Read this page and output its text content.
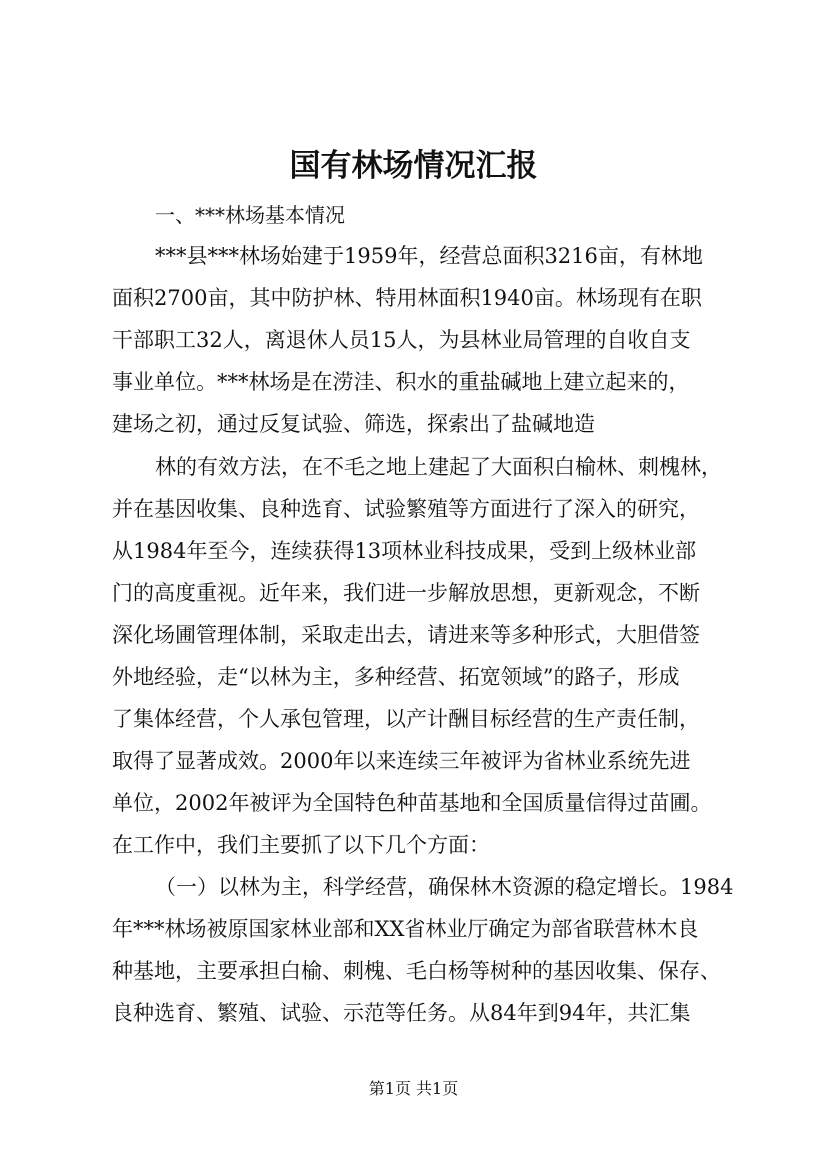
国有林场情况汇报
一、***林场基本情况
***县***林场始建于1959年，经营总面积3216亩，有林地
面积2700亩，其中防护林、特用林面积1940亩。林场现有在职
干部职工32人，离退休人员15人，为县林业局管理的自收自支
事业单位。***林场是在涝洼、积水的重盐碱地上建立起来的，
建场之初，通过反复试验、筛选，探索出了盐碱地造
林的有效方法，在不毛之地上建起了大面积白榆林、刺槐林，
并在基因收集、良种选育、试验繁殖等方面进行了深入的研究，
从1984年至今，连续获得13项林业科技成果，受到上级林业部
门的高度重视。近年来，我们进一步解放思想，更新观念，不断
深化场圃管理体制，采取走出去，请进来等多种形式，大胆借签
外地经验，走“以林为主，多种经营、拓宽领域”的路子，形成
了集体经营，个人承包管理，以产计酬目标经营的生产责任制，
取得了显著成效。2000年以来连续三年被评为省林业系统先进
单位，2002年被评为全国特色种苗基地和全国质量信得过苗圃。
在工作中，我们主要抓了以下几个方面：
（一）以林为主，科学经营，确保林木资源的稳定增长。1984
年***林场被原国家林业部和XX省林业厅确定为部省联营林木良
种基地，主要承担白榆、刺槐、毛白杨等树种的基因收集、保存、
良种选育、繁殖、试验、示范等任务。从84年到94年，共汇集
第1页 共1页
